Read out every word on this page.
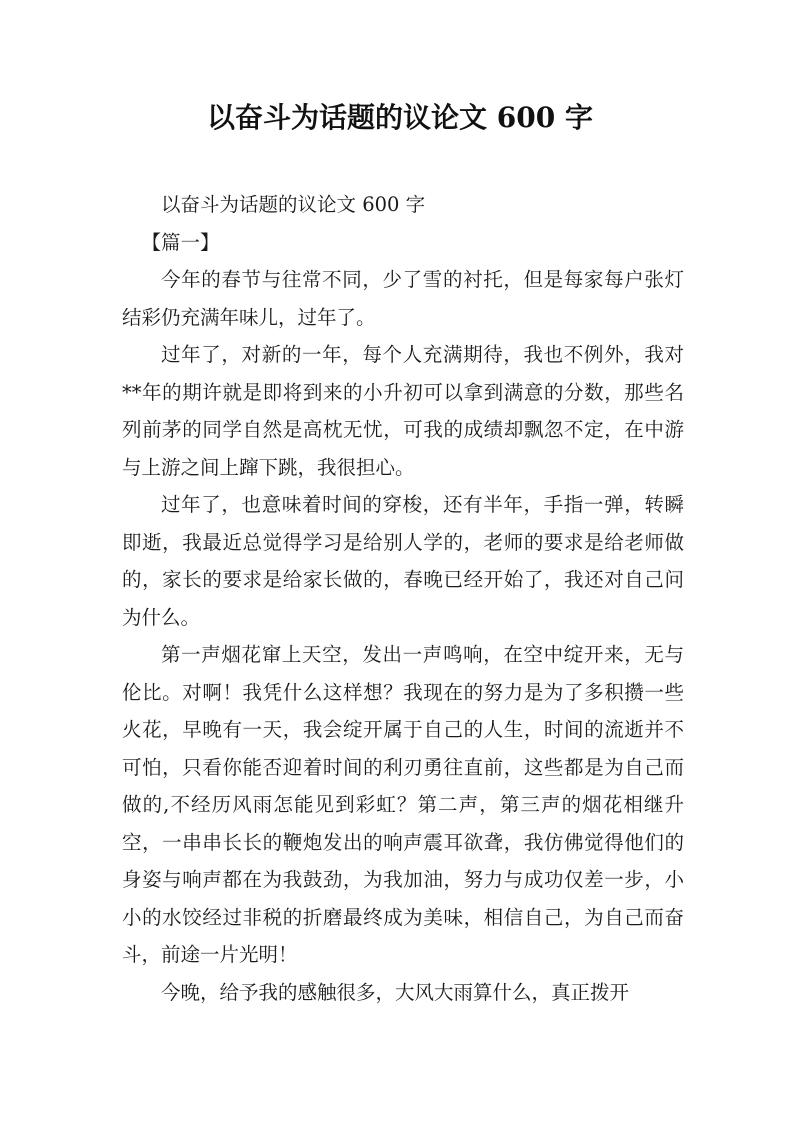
以奋斗为话题的议论文 600 字

以奋斗为话题的议论文 600 字

【篇一】

今年的春节与往常不同，少了雪的衬托，但是每家每户张灯结彩仍充满年味儿，过年了。

过年了，对新的一年，每个人充满期待，我也不例外，我对**年的期许就是即将到来的小升初可以拿到满意的分数，那些名列前茅的同学自然是高枕无忧，可我的成绩却飘忽不定，在中游与上游之间上蹿下跳，我很担心。

过年了，也意味着时间的穿梭，还有半年，手指一弹，转瞬即逝，我最近总觉得学习是给别人学的，老师的要求是给老师做的，家长的要求是给家长做的，春晚已经开始了，我还对自己问为什么。

第一声烟花窜上天空，发出一声鸣响，在空中绽开来，无与伦比。对啊！我凭什么这样想？我现在的努力是为了多积攒一些火花，早晚有一天，我会绽开属于自己的人生，时间的流逝并不可怕，只看你能否迎着时间的利刃勇往直前，这些都是为自己而做的,不经历风雨怎能见到彩虹？第二声，第三声的烟花相继升空，一串串长长的鞭炮发出的响声震耳欲聋，我仿佛觉得他们的身姿与响声都在为我鼓劲，为我加油，努力与成功仅差一步，小小的水饺经过非税的折磨最终成为美味，相信自己，为自己而奋斗，前途一片光明！

今晚，给予我的感触很多，大风大雨算什么，真正拨开
